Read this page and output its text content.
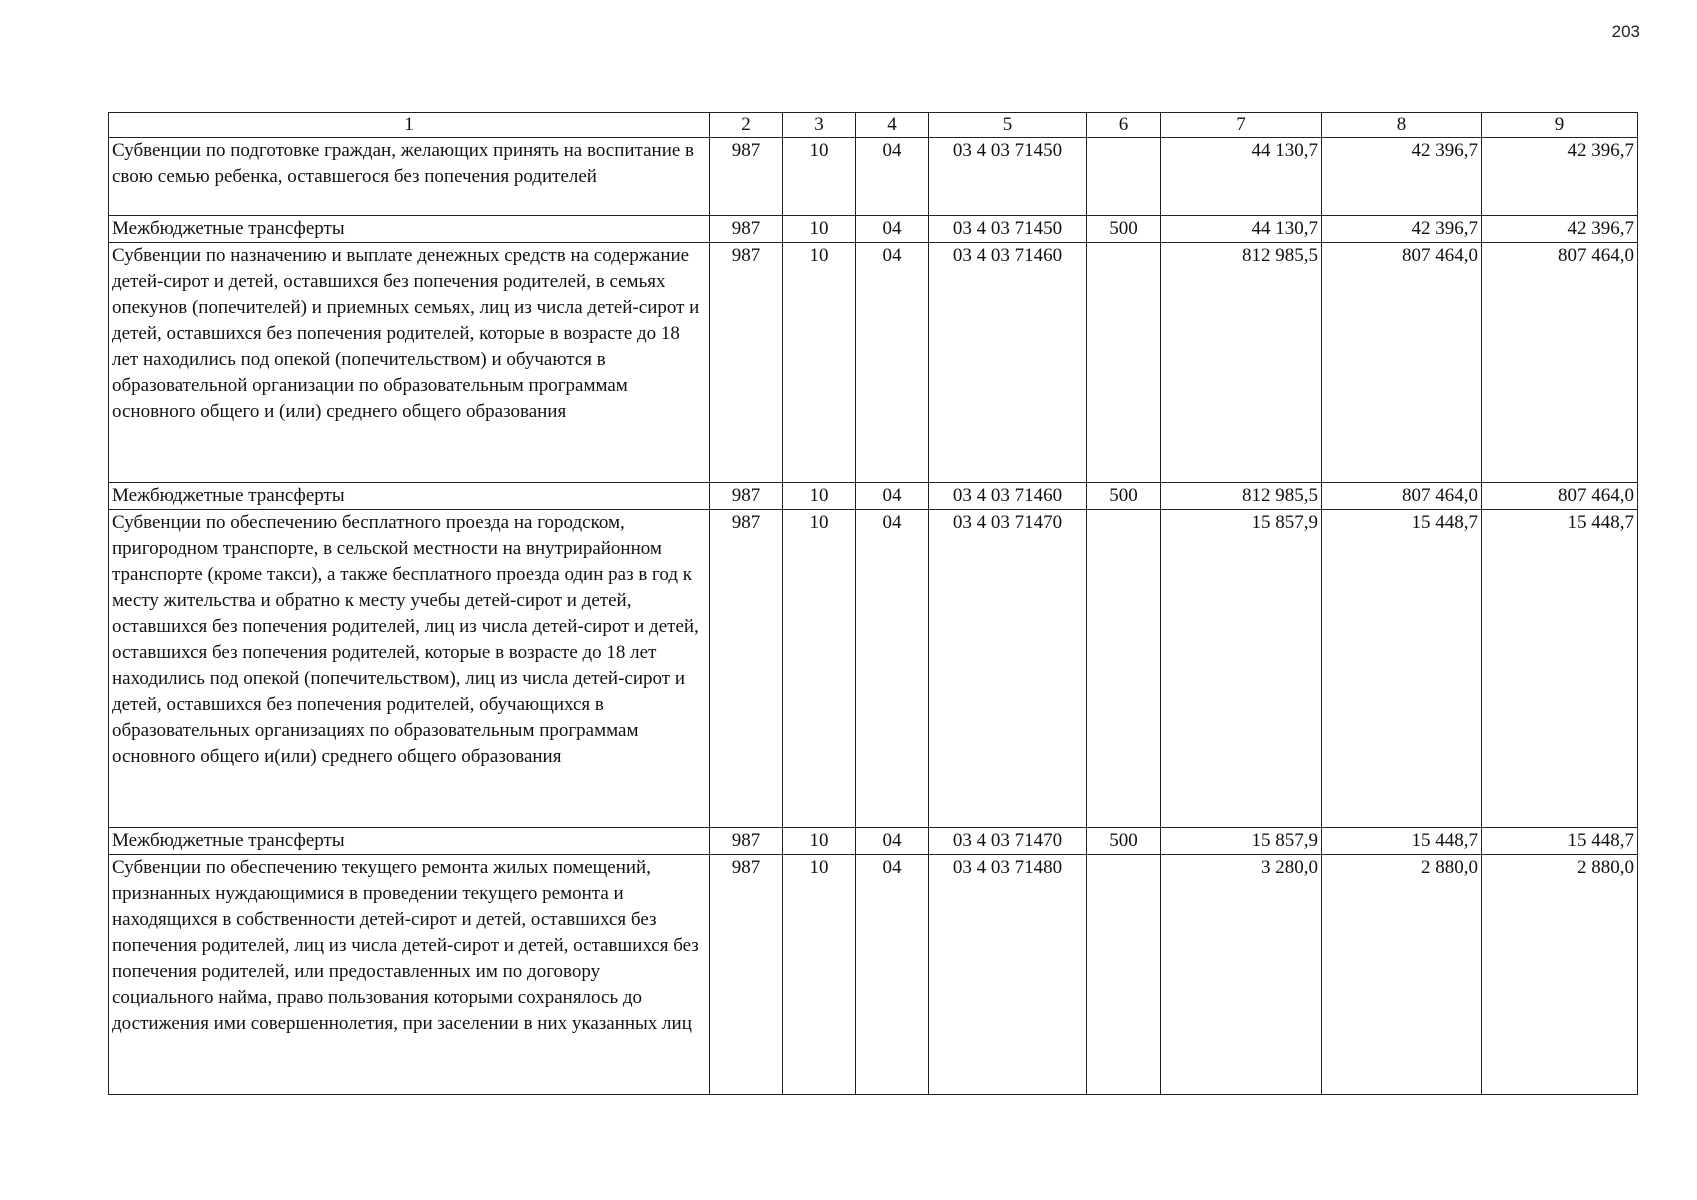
203
1	2	3	4	5	6	7	8	9
Субвенции по подготовке граждан, желающих принять на воспитание в свою семью ребенка, оставшегося без попечения родителей	987	10	04	03 4 03 71450		44 130,7	42 396,7	42 396,7
Межбюджетные трансферты	987	10	04	03 4 03 71450	500	44 130,7	42 396,7	42 396,7
Субвенции по назначению и выплате денежных средств на содержание детей-сирот и детей, оставшихся без попечения родителей, в семьях опекунов (попечителей) и приемных семьях, лиц из числа детей-сирот и детей, оставшихся без попечения родителей, которые в возрасте до 18 лет находились под опекой (попечительством) и обучаются в образовательной организации по образовательным программам основного общего и (или) среднего общего образования	987	10	04	03 4 03 71460		812 985,5	807 464,0	807 464,0
Межбюджетные трансферты	987	10	04	03 4 03 71460	500	812 985,5	807 464,0	807 464,0
Субвенции по обеспечению бесплатного проезда на городском, пригородном транспорте, в сельской местности на внутрирайонном транспорте (кроме такси), а также бесплатного проезда один раз в год к месту жительства и обратно к месту учебы детей-сирот и детей, оставшихся без попечения родителей, лиц из числа детей-сирот и детей, оставшихся без попечения родителей, которые в возрасте до 18 лет находились под опекой (попечительством), лиц из числа детей-сирот и детей, оставшихся без попечения родителей, обучающихся в образовательных организациях по образовательным программам основного общего и(или) среднего общего образования	987	10	04	03 4 03 71470		15 857,9	15 448,7	15 448,7
Межбюджетные трансферты	987	10	04	03 4 03 71470	500	15 857,9	15 448,7	15 448,7
Субвенции по обеспечению текущего ремонта жилых помещений, признанных нуждающимися в проведении текущего ремонта и находящихся в собственности детей-сирот и детей, оставшихся без попечения родителей, лиц из числа детей-сирот и детей, оставшихся без попечения родителей, или предоставленных им по договору социального найма, право пользования которыми сохранялось до достижения ими совершеннолетия, при заселении в них указанных лиц	987	10	04	03 4 03 71480		3 280,0	2 880,0	2 880,0
